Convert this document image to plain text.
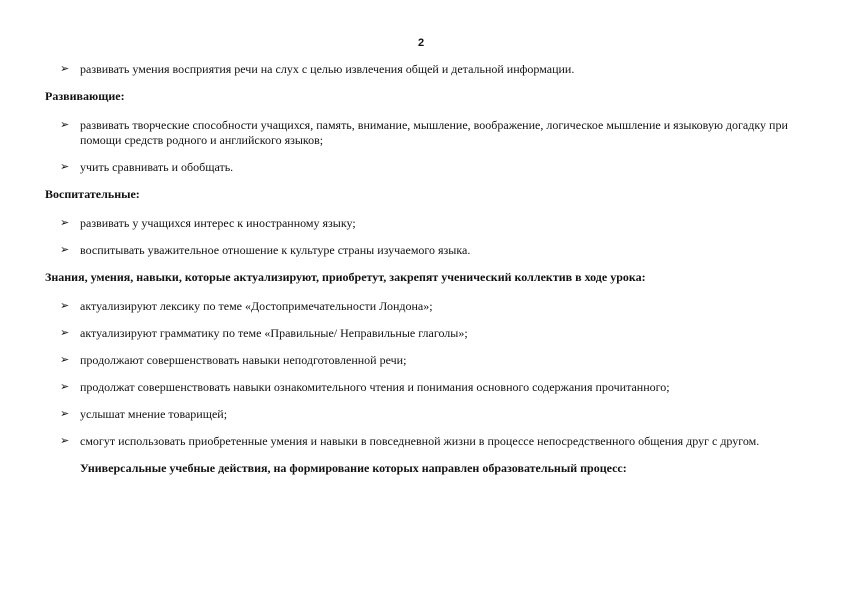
2
➢ развивать умения восприятия речи на слух с целью извлечения общей и детальной информации.
Развивающие:
➢ развивать творческие способности учащихся, память, внимание, мышление, воображение, логическое мышление и языковую догадку при помощи средств родного и английского языков;
➢ учить сравнивать и обобщать.
Воспитательные:
➢ развивать у учащихся интерес к иностранному языку;
➢ воспитывать уважительное отношение к культуре страны изучаемого языка.
Знания, умения, навыки, которые актуализируют, приобретут, закрепят ученический коллектив в ходе урока:
➢ актуализируют лексику по теме «Достопримечательности Лондона»;
➢ актуализируют грамматику по теме «Правильные/ Неправильные глаголы»;
➢ продолжают совершенствовать навыки неподготовленной речи;
➢ продолжат совершенствовать навыки ознакомительного чтения и понимания основного содержания прочитанного;
➢ услышат мнение товарищей;
➢ смогут использовать приобретенные умения и навыки в повседневной жизни в процессе непосредственного общения друг с другом.
Универсальные учебные действия, на формирование которых направлен образовательный процесс:
